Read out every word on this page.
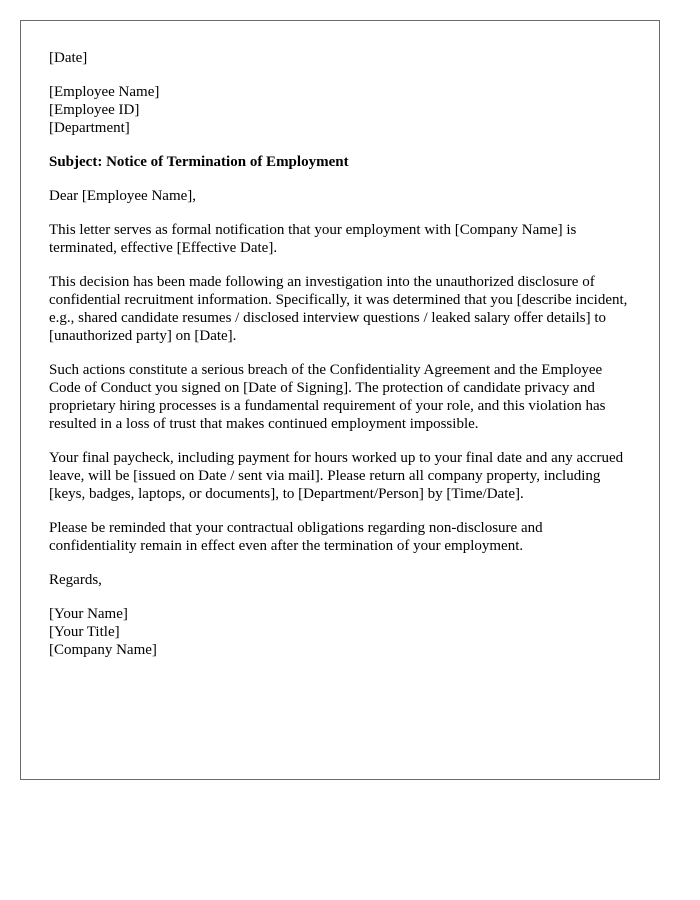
[Date]
[Employee Name]
[Employee ID]
[Department]
Subject: Notice of Termination of Employment
Dear [Employee Name],

This letter serves as formal notification that your employment with [Company Name] is terminated, effective [Effective Date].

This decision has been made following an investigation into the unauthorized disclosure of confidential recruitment information. Specifically, it was determined that you [describe incident, e.g., shared candidate resumes / disclosed interview questions / leaked salary offer details] to [unauthorized party] on [Date].

Such actions constitute a serious breach of the Confidentiality Agreement and the Employee Code of Conduct you signed on [Date of Signing]. The protection of candidate privacy and proprietary hiring processes is a fundamental requirement of your role, and this violation has resulted in a loss of trust that makes continued employment impossible.

Your final paycheck, including payment for hours worked up to your final date and any accrued leave, will be [issued on Date / sent via mail]. Please return all company property, including [keys, badges, laptops, or documents], to [Department/Person] by [Time/Date].

Please be reminded that your contractual obligations regarding non-disclosure and confidentiality remain in effect even after the termination of your employment.

Regards,
[Your Name]
[Your Title]
[Company Name]
